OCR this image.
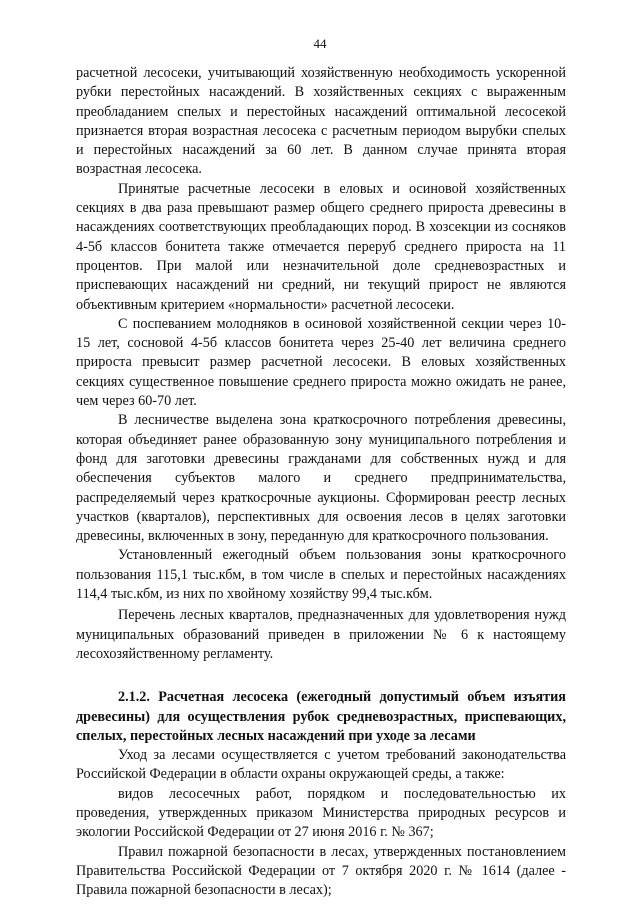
44

расчетной лесосеки, учитывающий хозяйственную необходимость ускоренной рубки перестойных насаждений. В хозяйственных секциях с выраженным преобладанием спелых и перестойных насаждений оптимальной лесосекой признается вторая возрастная лесосека с расчетным периодом вырубки спелых и перестойных насаждений за 60 лет. В данном случае принята вторая возрастная лесосека.

Принятые расчетные лесосеки в еловых и осиновой хозяйственных секциях в два раза превышают размер общего среднего прироста древесины в насаждениях соответствующих преобладающих пород. В хозсекции из сосняков 4-5б классов бонитета также отмечается переруб среднего прироста на 11 процентов. При малой или незначительной доле средневозрастных и приспевающих насаждений ни средний, ни текущий прирост не являются объективным критерием «нормальности» расчетной лесосеки.

С поспеванием молодняков в осиновой хозяйственной секции через 10-15 лет, сосновой 4-5б классов бонитета через 25-40 лет величина среднего прироста превысит размер расчетной лесосеки. В еловых хозяйственных секциях существенное повышение среднего прироста можно ожидать не ранее, чем через 60-70 лет.

В лесничестве выделена зона краткосрочного потребления древесины, которая объединяет ранее образованную зону муниципального потребления и фонд для заготовки древесины гражданами для собственных нужд и для обеспечения субъектов малого и среднего предпринимательства, распределяемый через краткосрочные аукционы. Сформирован реестр лесных участков (кварталов), перспективных для освоения лесов в целях заготовки древесины, включенных в зону, переданную для краткосрочного пользования.

Установленный ежегодный объем пользования зоны краткосрочного пользования 115,1 тыс.кбм, в том числе в спелых и перестойных насаждениях 114,4 тыс.кбм, из них по хвойному хозяйству 99,4 тыс.кбм.

Перечень лесных кварталов, предназначенных для удовлетворения нужд муниципальных образований приведен в приложении № 6 к настоящему лесохозяйственному регламенту.

2.1.2. Расчетная лесосека (ежегодный допустимый объем изъятия древесины) для осуществления рубок средневозрастных, приспевающих, спелых, перестойных лесных насаждений при уходе за лесами

Уход за лесами осуществляется с учетом требований законодательства Российской Федерации в области охраны окружающей среды, а также:

видов лесосечных работ, порядком и последовательностью их проведения, утвержденных приказом Министерства природных ресурсов и экологии Российской Федерации от 27 июня 2016 г. № 367;

Правил пожарной безопасности в лесах, утвержденных постановлением Правительства Российской Федерации от 7 октября 2020 г. № 1614 (далее - Правила пожарной безопасности в лесах);
